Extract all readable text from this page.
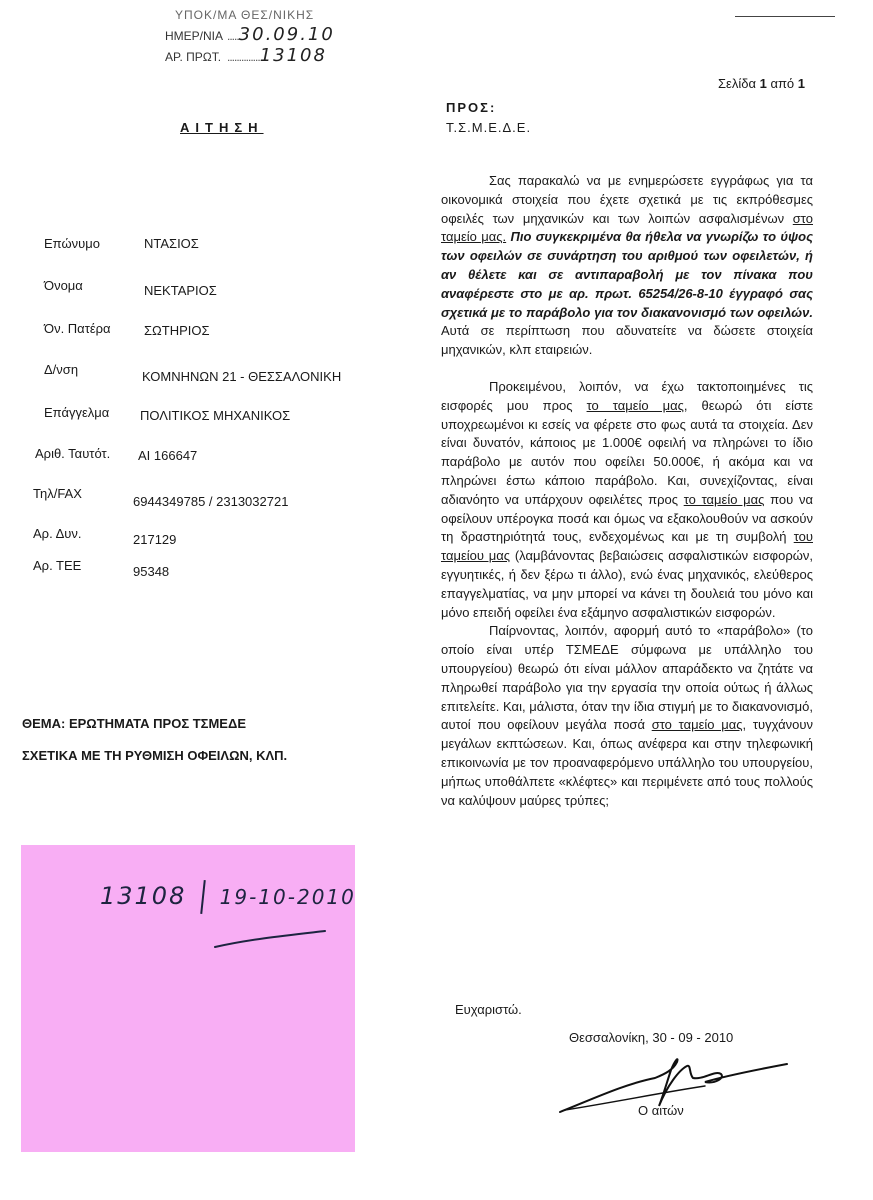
ΥΠΟΚ/ΜΑ ΘΕΣ/ΝΙΚΗΣ
ΗΜΕΡ/ΝΙΑ .....30.09.10
ΑΡ. ΠΡΩΤ. ..............13108
Σελίδα 1 από 1
ΑΙΤΗΣΗ
ΠΡΟΣ:
Τ.Σ.Μ.Ε.Δ.Ε.
Επώνυμο	ΝΤΑΣΙΟΣ
Όνομα	ΝΕΚΤΑΡΙΟΣ
Όν. Πατέρα	ΣΩΤΗΡΙΟΣ
Δ/νση	ΚΟΜΝΗΝΩΝ 21 - ΘΕΣΣΑΛΟΝΙΚΗ
Επάγγελμα ΠΟΛΙΤΙΚΟΣ ΜΗΧΑΝΙΚΟΣ
Αριθ. Ταυτότ. ΑΙ 166647
Τηλ/FAX
6944349785 / 2313032721
Αρ. Δυν.	217129
Αρ. ΤΕΕ	95348
ΘΕΜΑ: ΕΡΩΤΗΜΑΤΑ ΠΡΟΣ ΤΣΜΕΔΕ
ΣΧΕΤΙΚΑ ΜΕ ΤΗ ΡΥΘΜΙΣΗ ΟΦΕΙΛΩΝ, ΚΛΠ.

Σας παρακαλώ να με ενημερώσετε εγγράφως για τα οικονομικά στοιχεία που έχετε σχετικά με τις εκπρόθεσμες οφειλές των μηχανικών και των λοιπών ασφαλισμένων στο ταμείο μας. Πιο συγκεκριμένα θα ήθελα να γνωρίζω το ύψος των οφειλών σε συνάρτηση του αριθμού των οφειλετών, ή αν θέλετε και σε αντιπαραβολή με τον πίνακα που αναφέρεστε στο με αρ. πρωτ. 65254/26-8-10 έγγραφό σας σχετικά με το παράβολο για τον διακανονισμό των οφειλών. Αυτά σε περίπτωση που αδυνατείτε να δώσετε στοιχεία μηχανικών, κλπ εταιρειών.

Προκειμένου, λοιπόν, να έχω τακτοποιημένες τις εισφορές μου προς το ταμείο μας, θεωρώ ότι είστε υποχρεωμένοι κι εσείς να φέρετε στο φως αυτά τα στοιχεία. Δεν είναι δυνατόν, κάποιος με 1.000€ οφειλή να πληρώνει το ίδιο παράβολο με αυτόν που οφείλει 50.000€, ή ακόμα και να πληρώνει έστω κάποιο παράβολο. Και, συνεχίζοντας, είναι αδιανόητο να υπάρχουν οφειλέτες προς το ταμείο μας που να οφείλουν υπέρογκα ποσά και όμως να εξακολουθούν να ασκούν τη δραστηριότητά τους, ενδεχομένως και με τη συμβολή του ταμείου μας (λαμβάνοντας βεβαιώσεις ασφαλιστικών εισφορών, εγγυητικές, ή δεν ξέρω τι άλλο), ενώ ένας μηχανικός, ελεύθερος επαγγελματίας, να μην μπορεί να κάνει τη δουλειά του μόνο και μόνο επειδή οφείλει ένα εξάμηνο ασφαλιστικών εισφορών.

Παίρνοντας, λοιπόν, αφορμή αυτό το «παράβολο» (το οποίο είναι υπέρ ΤΣΜΕΔΕ σύμφωνα με υπάλληλο του υπουργείου) θεωρώ ότι είναι μάλλον απαράδεκτο να ζητάτε να πληρωθεί παράβολο για την εργασία την οποία ούτως ή άλλως επιτελείτε. Και, μάλιστα, όταν την ίδια στιγμή με το διακανονισμό, αυτοί που οφείλουν μεγάλα ποσά στο ταμείο μας, τυγχάνουν μεγάλων εκπτώσεων. Και, όπως ανέφερα και στην τηλεφωνική επικοινωνία με τον προαναφερόμενο υπάλληλο του υπουργείου, μήπως υποθάλπετε «κλέφτες» και περιμένετε από τους πολλούς να καλύψουν μαύρες τρύπες;

Ευχαριστώ.
Θεσσαλονίκη, 30 - 09 - 2010
Ο αιτών
13108 19-10-2010
